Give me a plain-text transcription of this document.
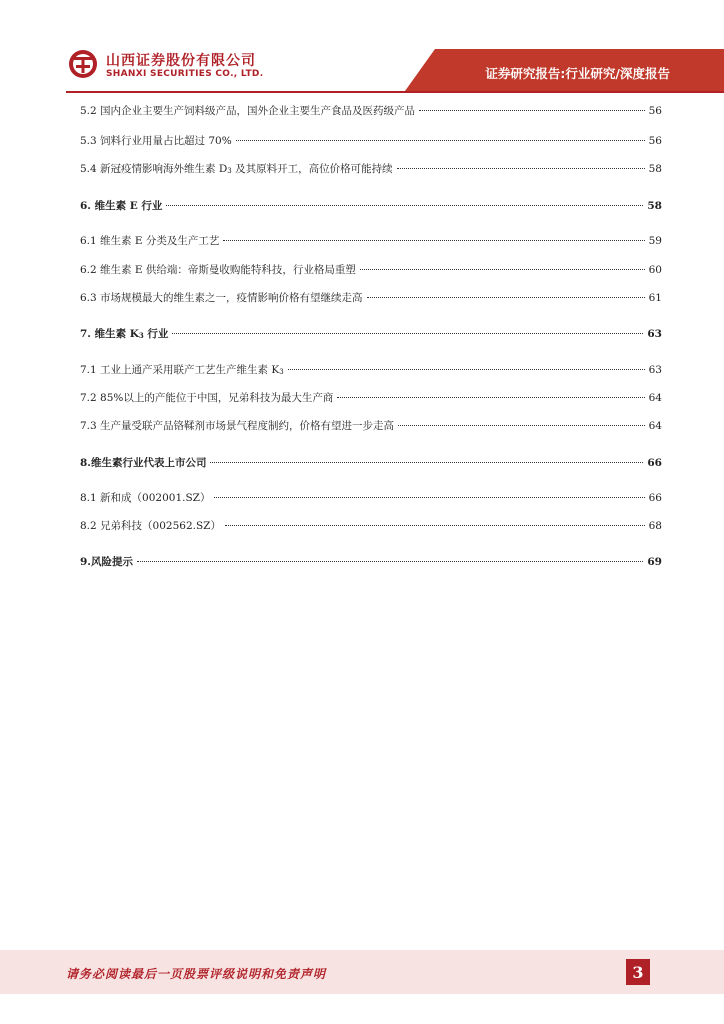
山西证券股份有限公司
SHANXI SECURITIES CO., LTD.	证券研究报告:行业研究/深度报告
5.2 国内企业主要生产饲料级产品，国外企业主要生产食品及医药级产品	56
5.3 饲料行业用量占比超过 70%	56
5.4 新冠疫情影响海外维生素 D3 及其原料开工，高位价格可能持续	58
6. 维生素 E 行业	58
6.1 维生素 E 分类及生产工艺	59
6.2 维生素 E 供给端：帝斯曼收购能特科技，行业格局重塑	60
6.3 市场规模最大的维生素之一，疫情影响价格有望继续走高	61
7. 维生素 K3 行业	63
7.1 工业上通产采用联产工艺生产维生素 K3	63
7.2 85%以上的产能位于中国，兄弟科技为最大生产商	64
7.3 生产量受联产品铬鞣剂市场景气程度制约，价格有望进一步走高	64
8.维生素行业代表上市公司	66
8.1 新和成（002001.SZ）	66
8.2 兄弟科技（002562.SZ）	68
9.风险提示	69
请务必阅读最后一页股票评级说明和免责声明	3
